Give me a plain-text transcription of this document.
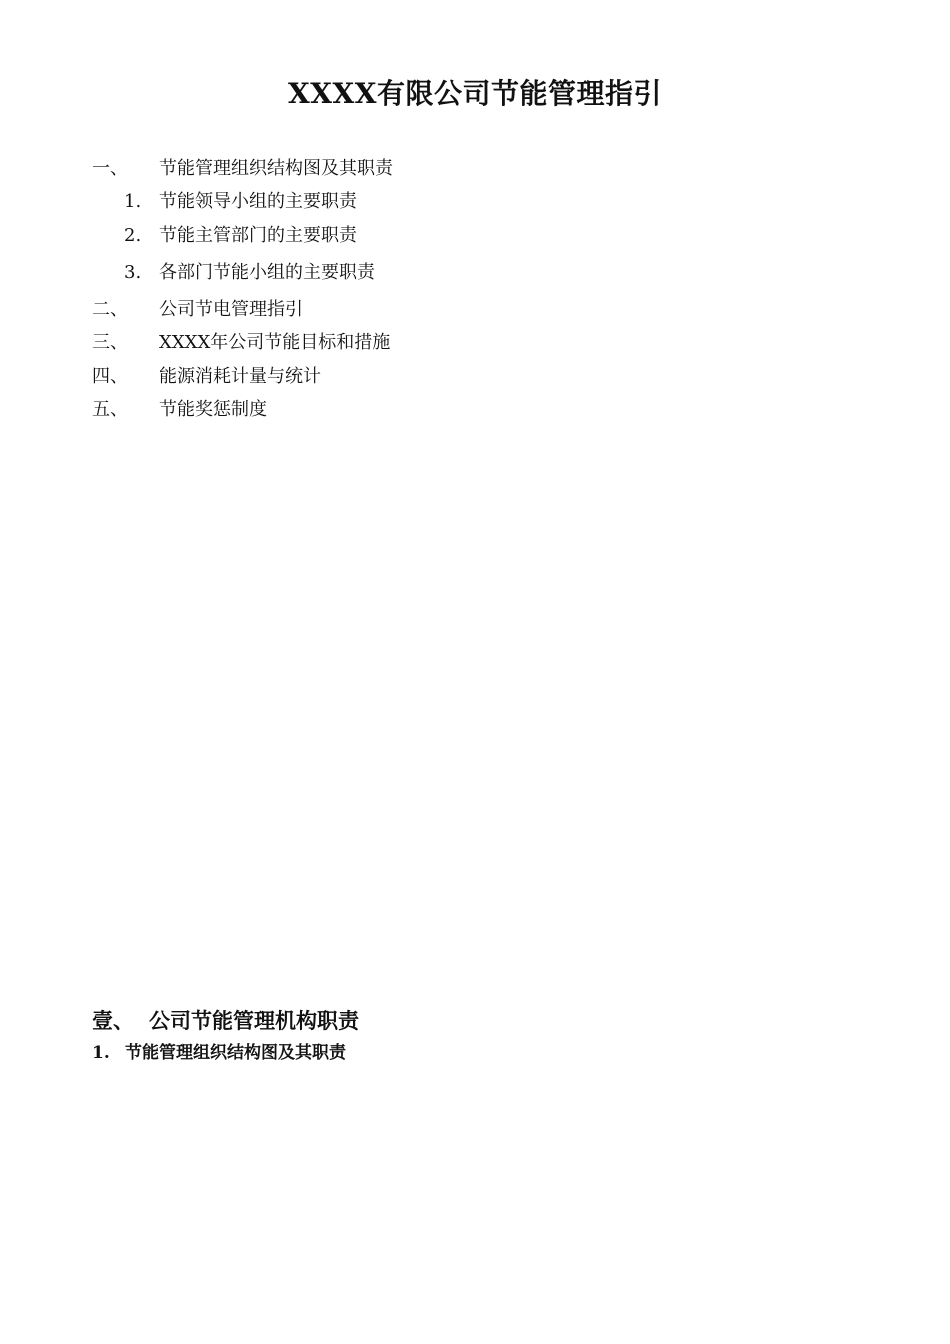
XXXX有限公司节能管理指引
一、 节能管理组织结构图及其职责
1. 节能领导小组的主要职责
2. 节能主管部门的主要职责
3. 各部门节能小组的主要职责
二、 公司节电管理指引
三、 XXXX年公司节能目标和措施
四、 能源消耗计量与统计
五、 节能奖惩制度
壹、 公司节能管理机构职责
1. 节能管理组织结构图及其职责
